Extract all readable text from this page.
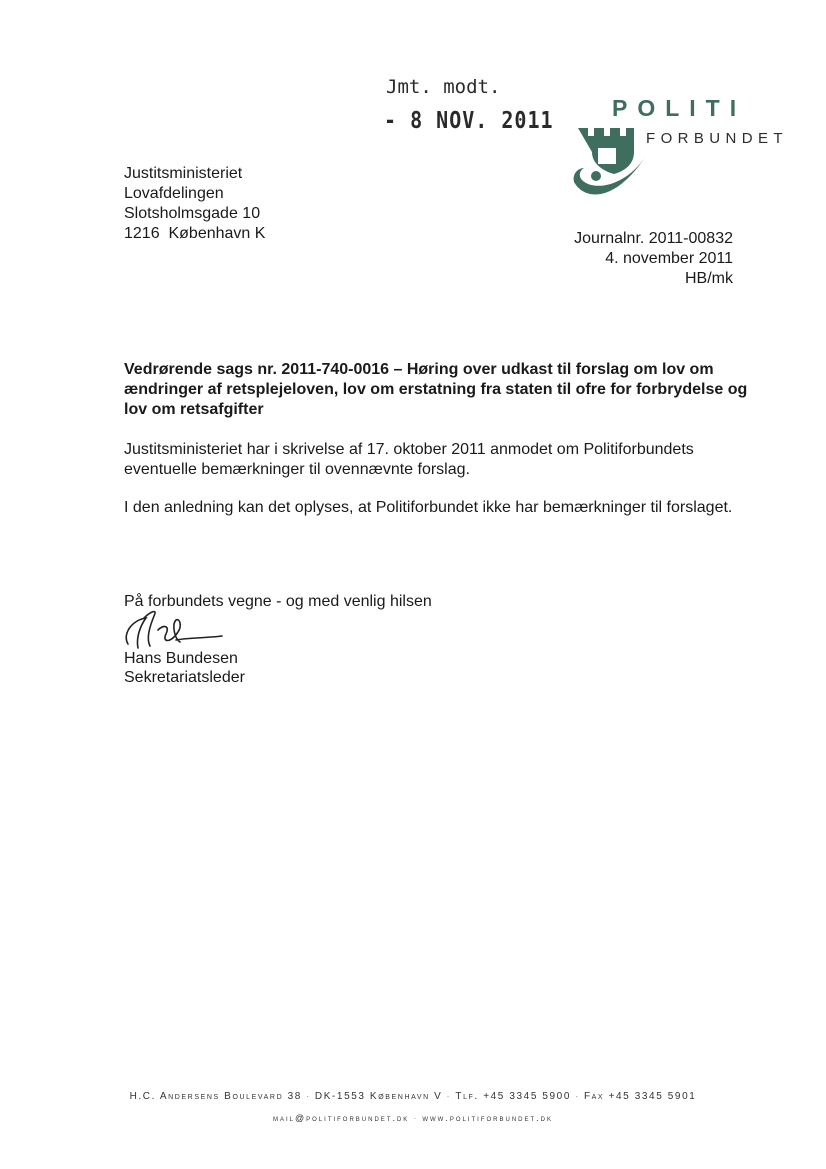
Jmt. modt.
- 8 NOV. 2011	POLITI
FORBUNDET
Justitsministeriet
Lovafdelingen
Slotsholmsgade 10
1216  København K	Journalnr. 2011-00832
4. november 2011
HB/mk
Vedrørende sags nr. 2011-740-0016 – Høring over udkast til forslag om lov om ændringer af retsplejeloven, lov om erstatning fra staten til ofre for forbrydelse og lov om retsafgifter
Justitsministeriet har i skrivelse af 17. oktober 2011 anmodet om Politiforbundets eventuelle bemærkninger til ovennævnte forslag.
I den anledning kan det oplyses, at Politiforbundet ikke har bemærkninger til forslaget.
På forbundets vegne - og med venlig hilsen
Hans Bundesen
Sekretariatsleder
H.C. Andersens Boulevard 38 · DK-1553 København V · Tlf. +45 3345 5900 · Fax +45 3345 5901
mail@politiforbundet.dk · www.politiforbundet.dk
